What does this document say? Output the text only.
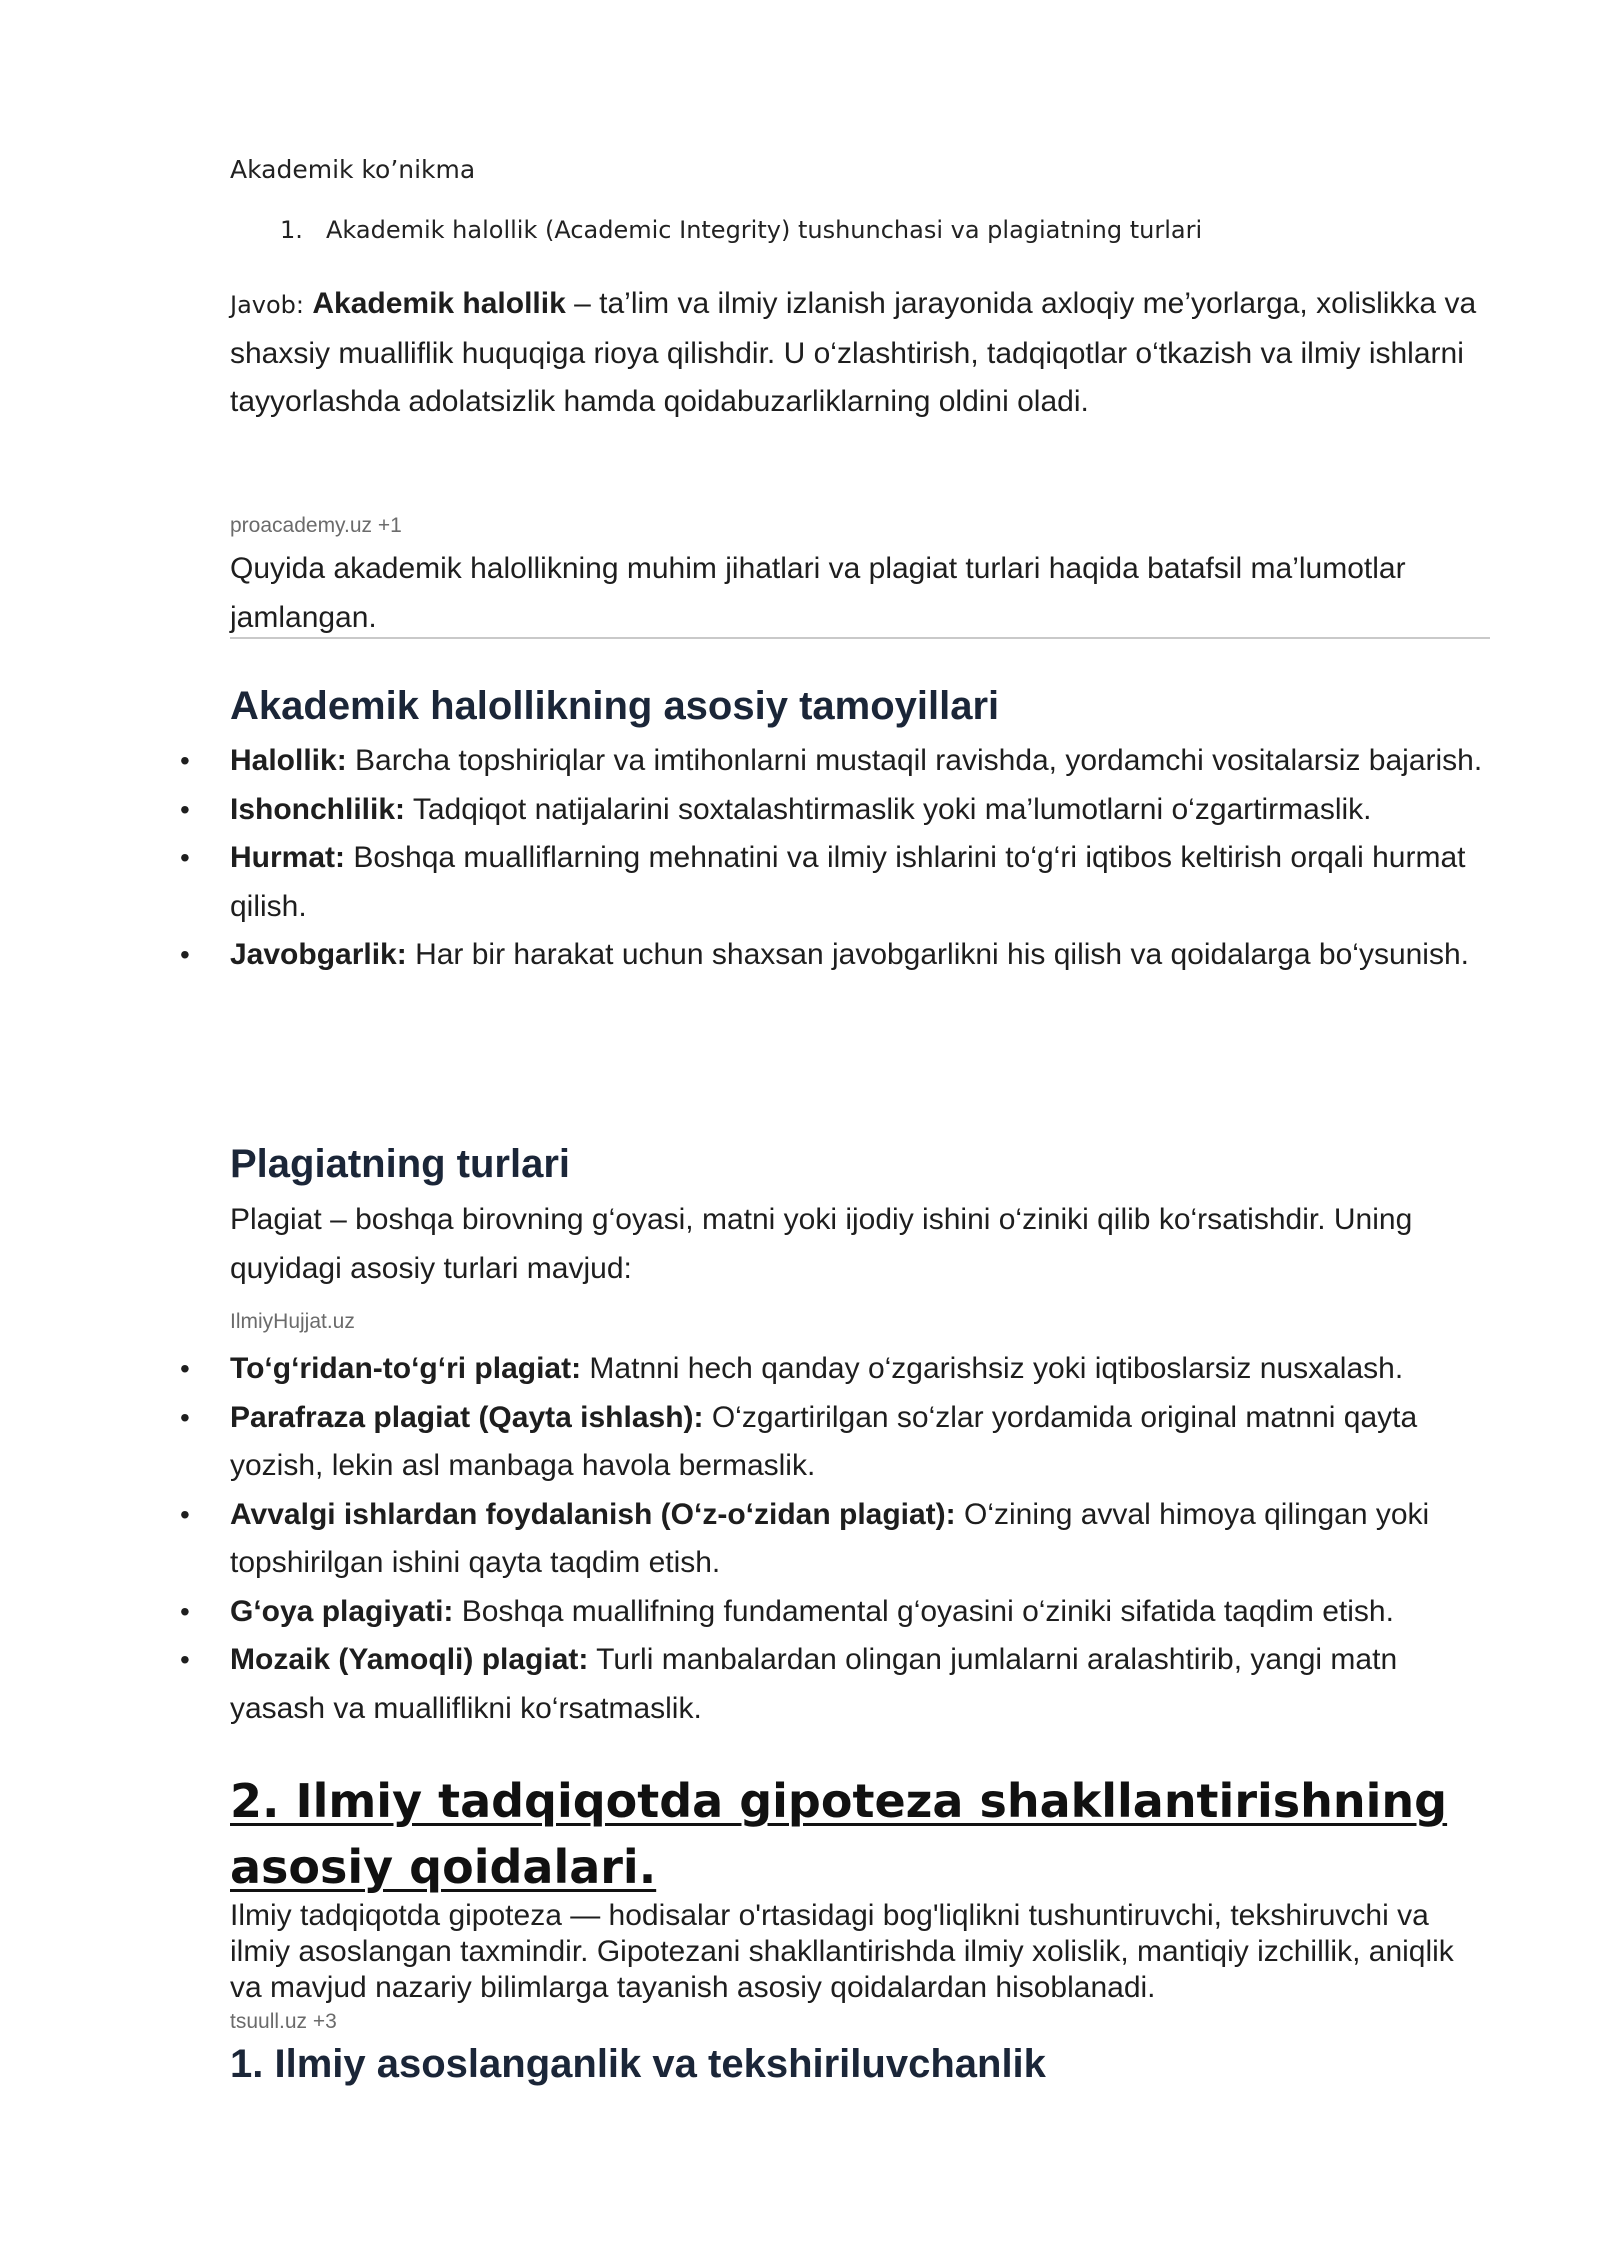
Akademik ko’nikma
1. Akademik halollik (Academic Integrity) tushunchasi va plagiatning turlari
Javob: Akademik halollik – ta’lim va ilmiy izlanish jarayonida axloqiy me’yorlarga, xolislikka va shaxsiy mualliflik huquqiga rioya qilishdir. U o‘zlashtirish, tadqiqotlar o‘tkazish va ilmiy ishlarni tayyorlashda adolatsizlik hamda qoidabuzarliklarning oldini oladi.
proacademy.uz +1
Quyida akademik halollikning muhim jihatlari va plagiat turlari haqida batafsil ma’lumotlar jamlangan.
Akademik halollikning asosiy tamoyillari
• Halollik: Barcha topshiriqlar va imtihonlarni mustaqil ravishda, yordamchi vositalarsiz bajarish.
• Ishonchlilik: Tadqiqot natijalarini soxtalashtirmaslik yoki ma’lumotlarni o‘zgartirmaslik.
• Hurmat: Boshqa mualliflarning mehnatini va ilmiy ishlarini to‘g‘ri iqtibos keltirish orqali hurmat qilish.
• Javobgarlik: Har bir harakat uchun shaxsan javobgarlikni his qilish va qoidalarga bo‘ysunish.
Plagiatning turlari
Plagiat – boshqa birovning g‘oyasi, matni yoki ijodiy ishini o‘ziniki qilib ko‘rsatishdir. Uning quyidagi asosiy turlari mavjud:
IlmiyHujjat.uz
• To‘g‘ridan-to‘g‘ri plagiat: Matnni hech qanday o‘zgarishsiz yoki iqtiboslarsiz nusxalash.
• Parafraza plagiat (Qayta ishlash): O‘zgartirilgan so‘zlar yordamida original matnni qayta yozish, lekin asl manbaga havola bermaslik.
• Avvalgi ishlardan foydalanish (O‘z-o‘zidan plagiat): O‘zining avval himoya qilingan yoki topshirilgan ishini qayta taqdim etish.
• G‘oya plagiyati: Boshqa muallifning fundamental g‘oyasini o‘ziniki sifatida taqdim etish.
• Mozaik (Yamoqli) plagiat: Turli manbalardan olingan jumlalarni aralashtirib, yangi matn yasash va mualliflikni ko‘rsatmaslik.
2. Ilmiy tadqiqotda gipoteza shakllantirishning asosiy qoidalari.
Ilmiy tadqiqotda gipoteza — hodisalar o'rtasidagi bog'liqlikni tushuntiruvchi, tekshiruvchi va ilmiy asoslangan taxmindir. Gipotezani shakllantirishda ilmiy xolislik, mantiqiy izchillik, aniqlik va mavjud nazariy bilimlarga tayanish asosiy qoidalardan hisoblanadi.
tsuull.uz +3
1. Ilmiy asoslanganlik va tekshiriluvchanlik
